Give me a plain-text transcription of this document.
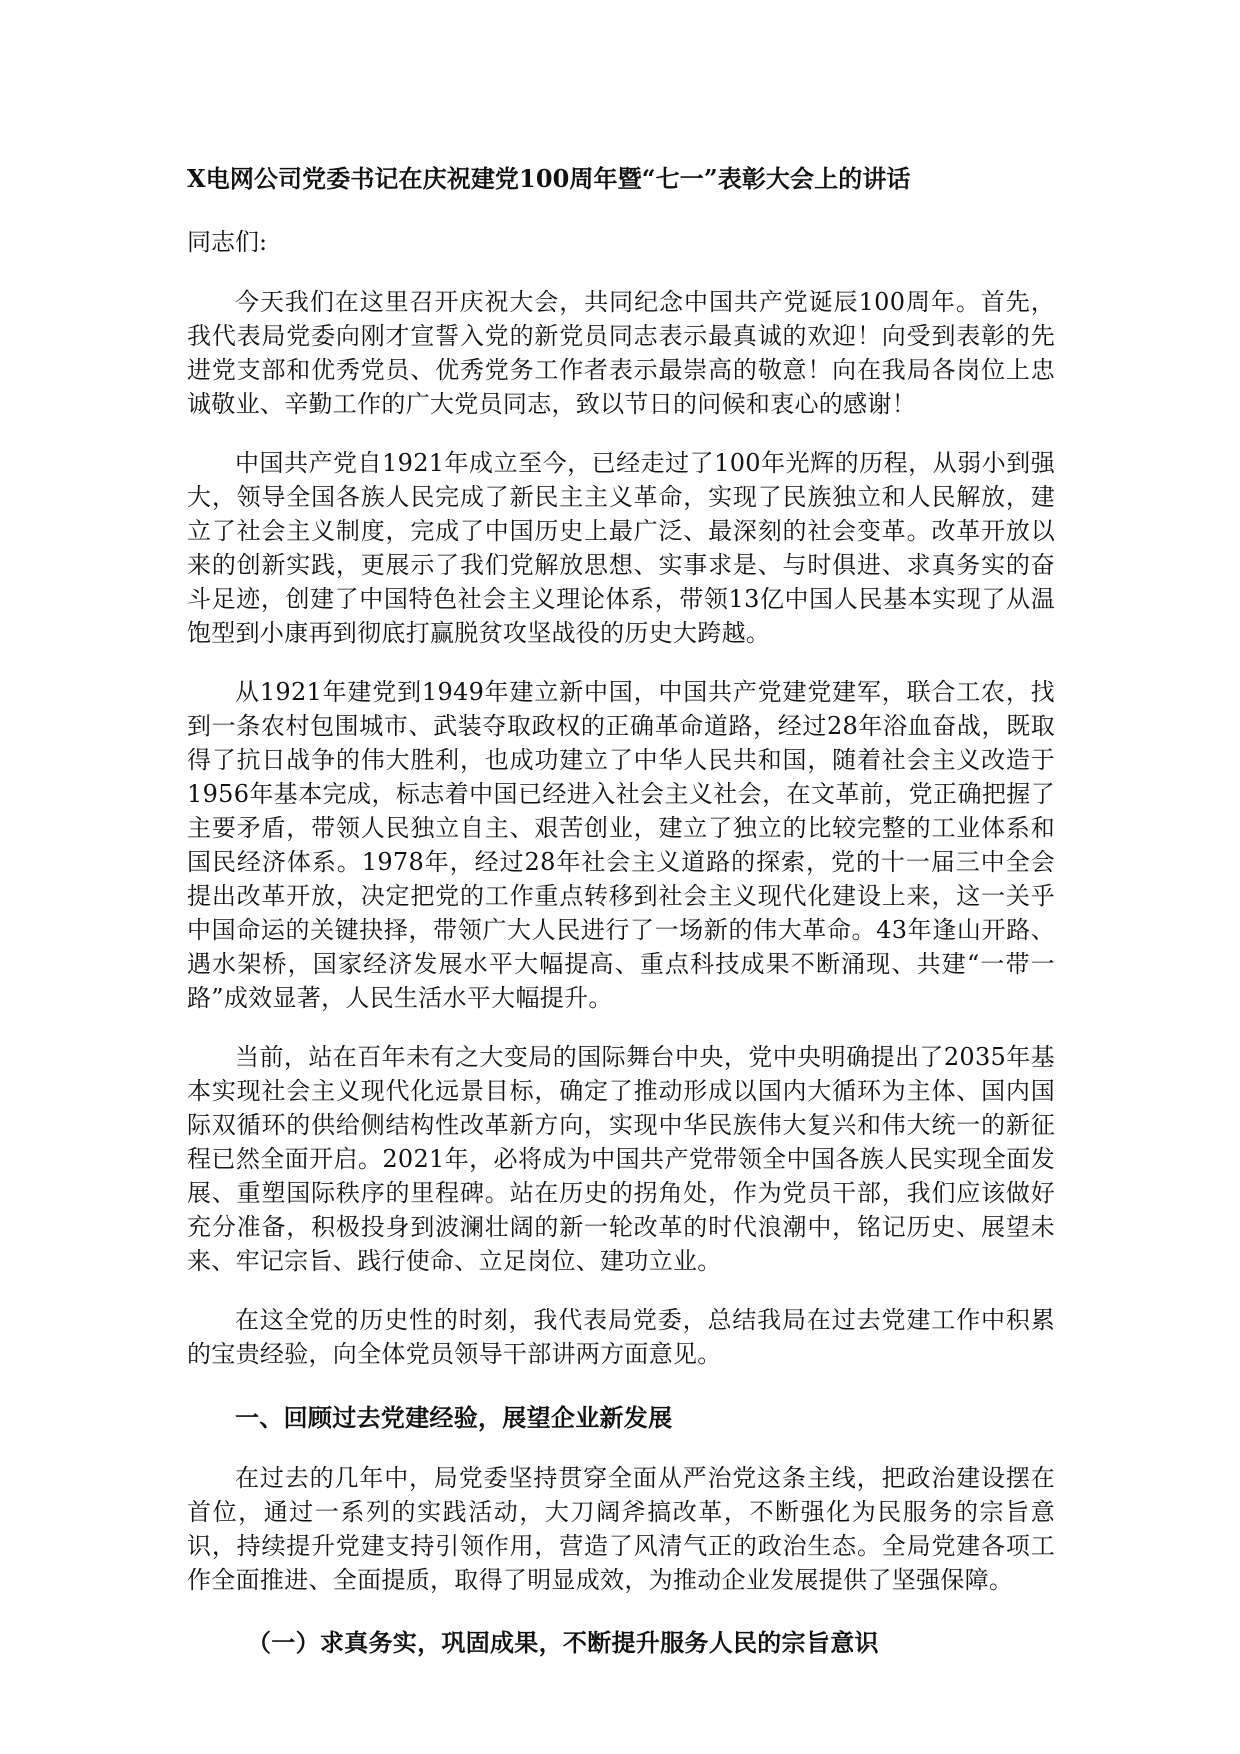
X电网公司党委书记在庆祝建党100周年暨“七一”表彰大会上的讲话

同志们:

今天我们在这里召开庆祝大会，共同纪念中国共产党诞辰100周年。首先，我代表局党委向刚才宣誓入党的新党员同志表示最真诚的欢迎！向受到表彰的先进党支部和优秀党员、优秀党务工作者表示最崇高的敬意！向在我局各岗位上忠诚敬业、辛勤工作的广大党员同志，致以节日的问候和衷心的感谢！

中国共产党自1921年成立至今，已经走过了100年光辉的历程，从弱小到强大，领导全国各族人民完成了新民主主义革命，实现了民族独立和人民解放，建立了社会主义制度，完成了中国历史上最广泛、最深刻的社会变革。改革开放以来的创新实践，更展示了我们党解放思想、实事求是、与时俱进、求真务实的奋斗足迹，创建了中国特色社会主义理论体系，带领13亿中国人民基本实现了从温饱型到小康再到彻底打赢脱贫攻坚战役的历史大跨越。

从1921年建党到1949年建立新中国，中国共产党建党建军，联合工农，找到一条农村包围城市、武装夺取政权的正确革命道路，经过28年浴血奋战，既取得了抗日战争的伟大胜利，也成功建立了中华人民共和国，随着社会主义改造于1956年基本完成，标志着中国已经进入社会主义社会，在文革前，党正确把握了主要矛盾，带领人民独立自主、艰苦创业，建立了独立的比较完整的工业体系和国民经济体系。1978年，经过28年社会主义道路的探索，党的十一届三中全会提出改革开放，决定把党的工作重点转移到社会主义现代化建设上来，这一关乎中国命运的关键抉择，带领广大人民进行了一场新的伟大革命。43年逢山开路、遇水架桥，国家经济发展水平大幅提高、重点科技成果不断涌现、共建“一带一路”成效显著，人民生活水平大幅提升。

当前，站在百年未有之大变局的国际舞台中央，党中央明确提出了2035年基本实现社会主义现代化远景目标，确定了推动形成以国内大循环为主体、国内国际双循环的供给侧结构性改革新方向，实现中华民族伟大复兴和伟大统一的新征程已然全面开启。2021年，必将成为中国共产党带领全中国各族人民实现全面发展、重塑国际秩序的里程碑。站在历史的拐角处，作为党员干部，我们应该做好充分准备，积极投身到波澜壮阔的新一轮改革的时代浪潮中，铭记历史、展望未来、牢记宗旨、践行使命、立足岗位、建功立业。

在这全党的历史性的时刻，我代表局党委，总结我局在过去党建工作中积累的宝贵经验，向全体党员领导干部讲两方面意见。

一、回顾过去党建经验，展望企业新发展

在过去的几年中，局党委坚持贯穿全面从严治党这条主线，把政治建设摆在首位，通过一系列的实践活动，大刀阔斧搞改革，不断强化为民服务的宗旨意识，持续提升党建支持引领作用，营造了风清气正的政治生态。全局党建各项工作全面推进、全面提质，取得了明显成效，为推动企业发展提供了坚强保障。

（一）求真务实，巩固成果，不断提升服务人民的宗旨意识
